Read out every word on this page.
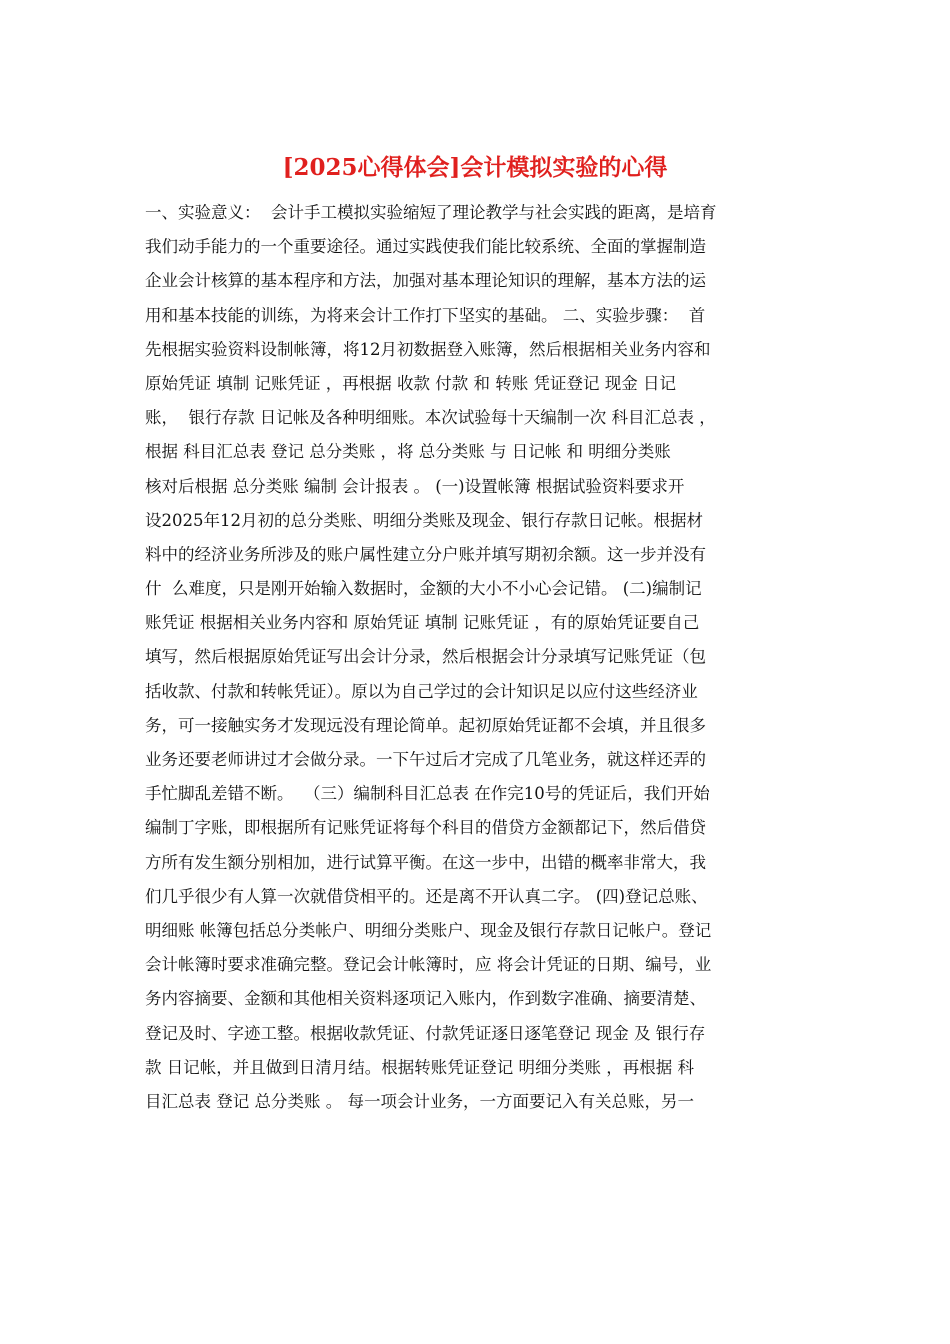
[2025心得体会]会计模拟实验的心得
一、实验意义：  会计手工模拟实验缩短了理论教学与社会实践的距离，是培育
我们动手能力的一个重要途径。通过实践使我们能比较系统、全面的掌握制造
企业会计核算的基本程序和方法，加强对基本理论知识的理解，基本方法的运
用和基本技能的训练，为将来会计工作打下坚实的基础。 二、实验步骤：  首
先根据实验资料设制帐簿，将12月初数据登入账簿，然后根据相关业务内容和
原始凭证 填制 记账凭证 ，再根据 收款 付款 和 转账 凭证登记 现金 日记
账，  银行存款 日记帐及各种明细账。本次试验每十天编制一次 科目汇总表 ，
根据 科目汇总表 登记 总分类账 ，将 总分类账 与 日记帐 和 明细分类账
核对后根据 总分类账 编制 会计报表 。 (一)设置帐簿 根据试验资料要求开
设2025年12月初的总分类账、明细分类账及现金、银行存款日记帐。根据材
料中的经济业务所涉及的账户属性建立分户账并填写期初余额。这一步并没有
什  么难度，只是刚开始输入数据时，金额的大小不小心会记错。 (二)编制记
账凭证 根据相关业务内容和 原始凭证 填制 记账凭证 ，有的原始凭证要自己
填写，然后根据原始凭证写出会计分录，然后根据会计分录填写记账凭证（包
括收款、付款和转帐凭证）。原以为自己学过的会计知识足以应付这些经济业
务，可一接触实务才发现远没有理论简单。起初原始凭证都不会填，并且很多
业务还要老师讲过才会做分录。一下午过后才完成了几笔业务，就这样还弄的
手忙脚乱差错不断。  （三）编制科目汇总表 在作完10号的凭证后，我们开始
编制丁字账，即根据所有记账凭证将每个科目的借贷方金额都记下，然后借贷
方所有发生额分别相加，进行试算平衡。在这一步中，出错的概率非常大，我
们几乎很少有人算一次就借贷相平的。还是离不开认真二字。 (四)登记总账、
明细账 帐簿包括总分类帐户、明细分类账户、现金及银行存款日记帐户。登记
会计帐簿时要求准确完整。登记会计帐簿时，应 将会计凭证的日期、编号，业
务内容摘要、金额和其他相关资料逐项记入账内，作到数字准确、摘要清楚、
登记及时、字迹工整。根据收款凭证、付款凭证逐日逐笔登记 现金 及 银行存
款 日记帐，并且做到日清月结。根据转账凭证登记 明细分类账 ，再根据 科
目汇总表 登记 总分类账 。 每一项会计业务，一方面要记入有关总账，另一
